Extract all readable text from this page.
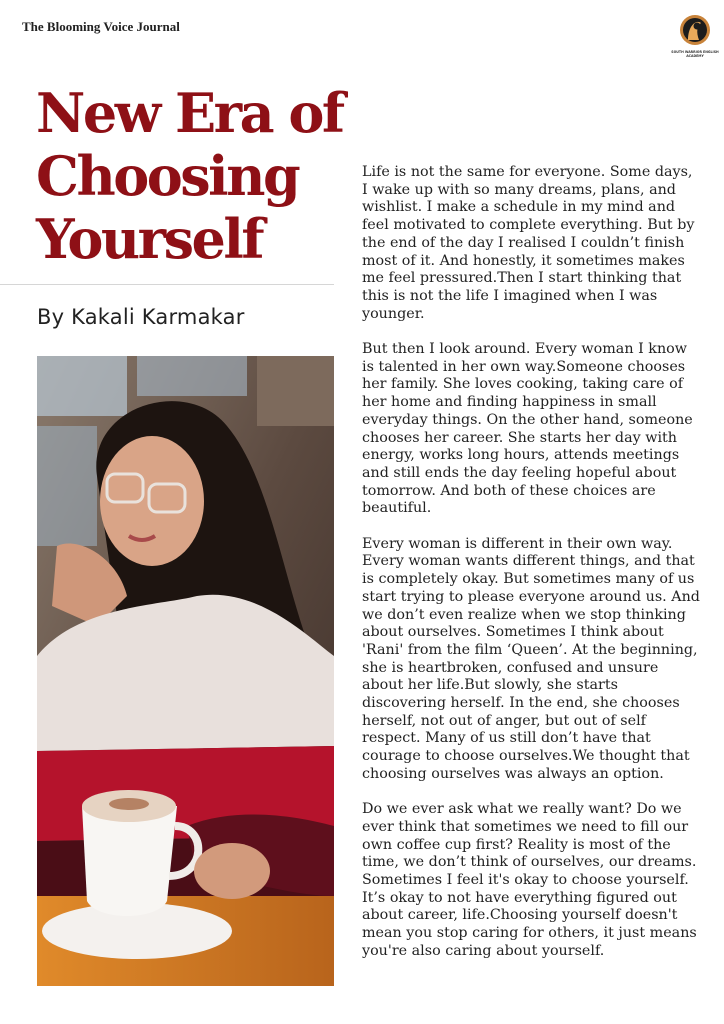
The Blooming Voice Journal
SOUTH WARRIOR ENGLISH ACADEMY
New Era of
Choosing
Yourself
By Kakali Karmakar

Life is not the same for everyone. Some days, I wake up with so many dreams, plans, and wishlist. I make a schedule in my mind and feel motivated to complete everything. But by the end of the day I realised I couldn’t finish most of it. And honestly, it sometimes makes me feel pressured.Then I start thinking that this is not the life I imagined when I was younger.

But then I look around. Every woman I know is talented in her own way.Someone chooses her family. She loves cooking, taking care of her home and finding happiness in small everyday things. On the other hand, someone chooses her career. She starts her day with energy, works long hours, attends meetings and still ends the day feeling hopeful about tomorrow. And both of these choices are beautiful.

Every woman is different in their own way. Every woman wants different things, and that is completely okay. But sometimes many of us start trying to please everyone around us. And we don’t even realize when we stop thinking about ourselves. Sometimes I think about 'Rani' from the film ‘Queen’. At the beginning, she is heartbroken, confused and unsure about her life.But slowly, she starts discovering herself. In the end, she chooses herself, not out of anger, but out of self respect. Many of us still don’t have that courage to choose ourselves.We thought that choosing ourselves was always an option.

Do we ever ask what we really want? Do we ever think that sometimes we need to fill our own coffee cup first? Reality is most of the time, we don’t think of ourselves, our dreams. Sometimes I feel it's okay to choose yourself. It’s okay to not have everything figured out about career, life.Choosing yourself doesn't mean you stop caring for others, it just means you're also caring about yourself.
